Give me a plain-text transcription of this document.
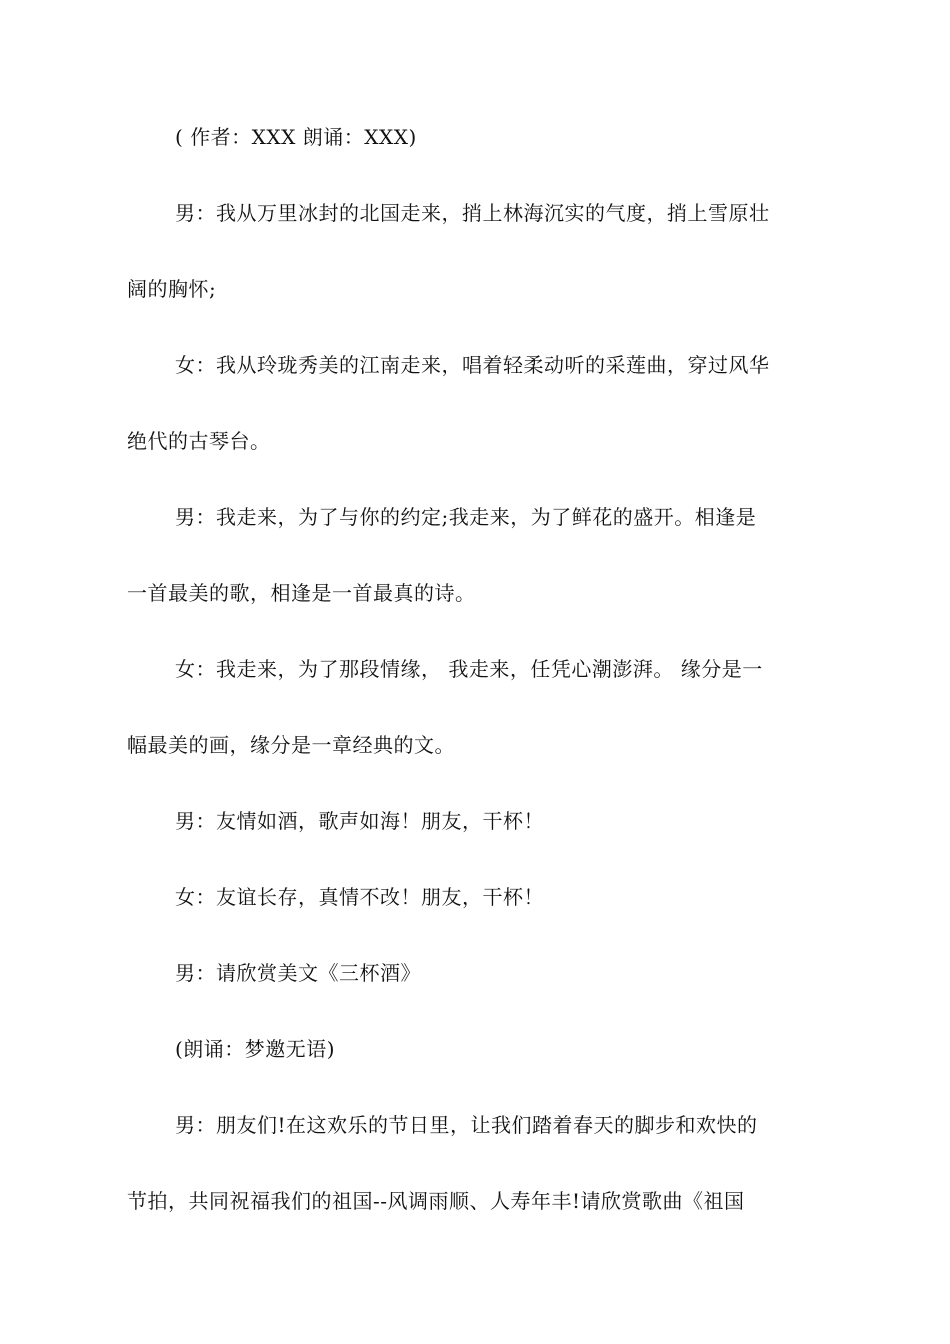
( 作者：XXX 朗诵：XXX)
男：我从万里冰封的北国走来，捎上林海沉实的气度，捎上雪原壮
阔的胸怀;
女：我从玲珑秀美的江南走来，唱着轻柔动听的采莲曲，穿过风华
绝代的古琴台。
男：我走来，为了与你的约定;我走来，为了鲜花的盛开。相逢是
一首最美的歌，相逢是一首最真的诗。
女：我走来，为了那段情缘， 我走来，任凭心潮澎湃。 缘分是一
幅最美的画，缘分是一章经典的文。
男：友情如酒，歌声如海！朋友，干杯！
女：友谊长存，真情不改！朋友，干杯！
男：请欣赏美文《三杯酒》
(朗诵：梦邀无语)
男：朋友们!在这欢乐的节日里，让我们踏着春天的脚步和欢快的
节拍，共同祝福我们的祖国--风调雨顺、人寿年丰!请欣赏歌曲《祖国
